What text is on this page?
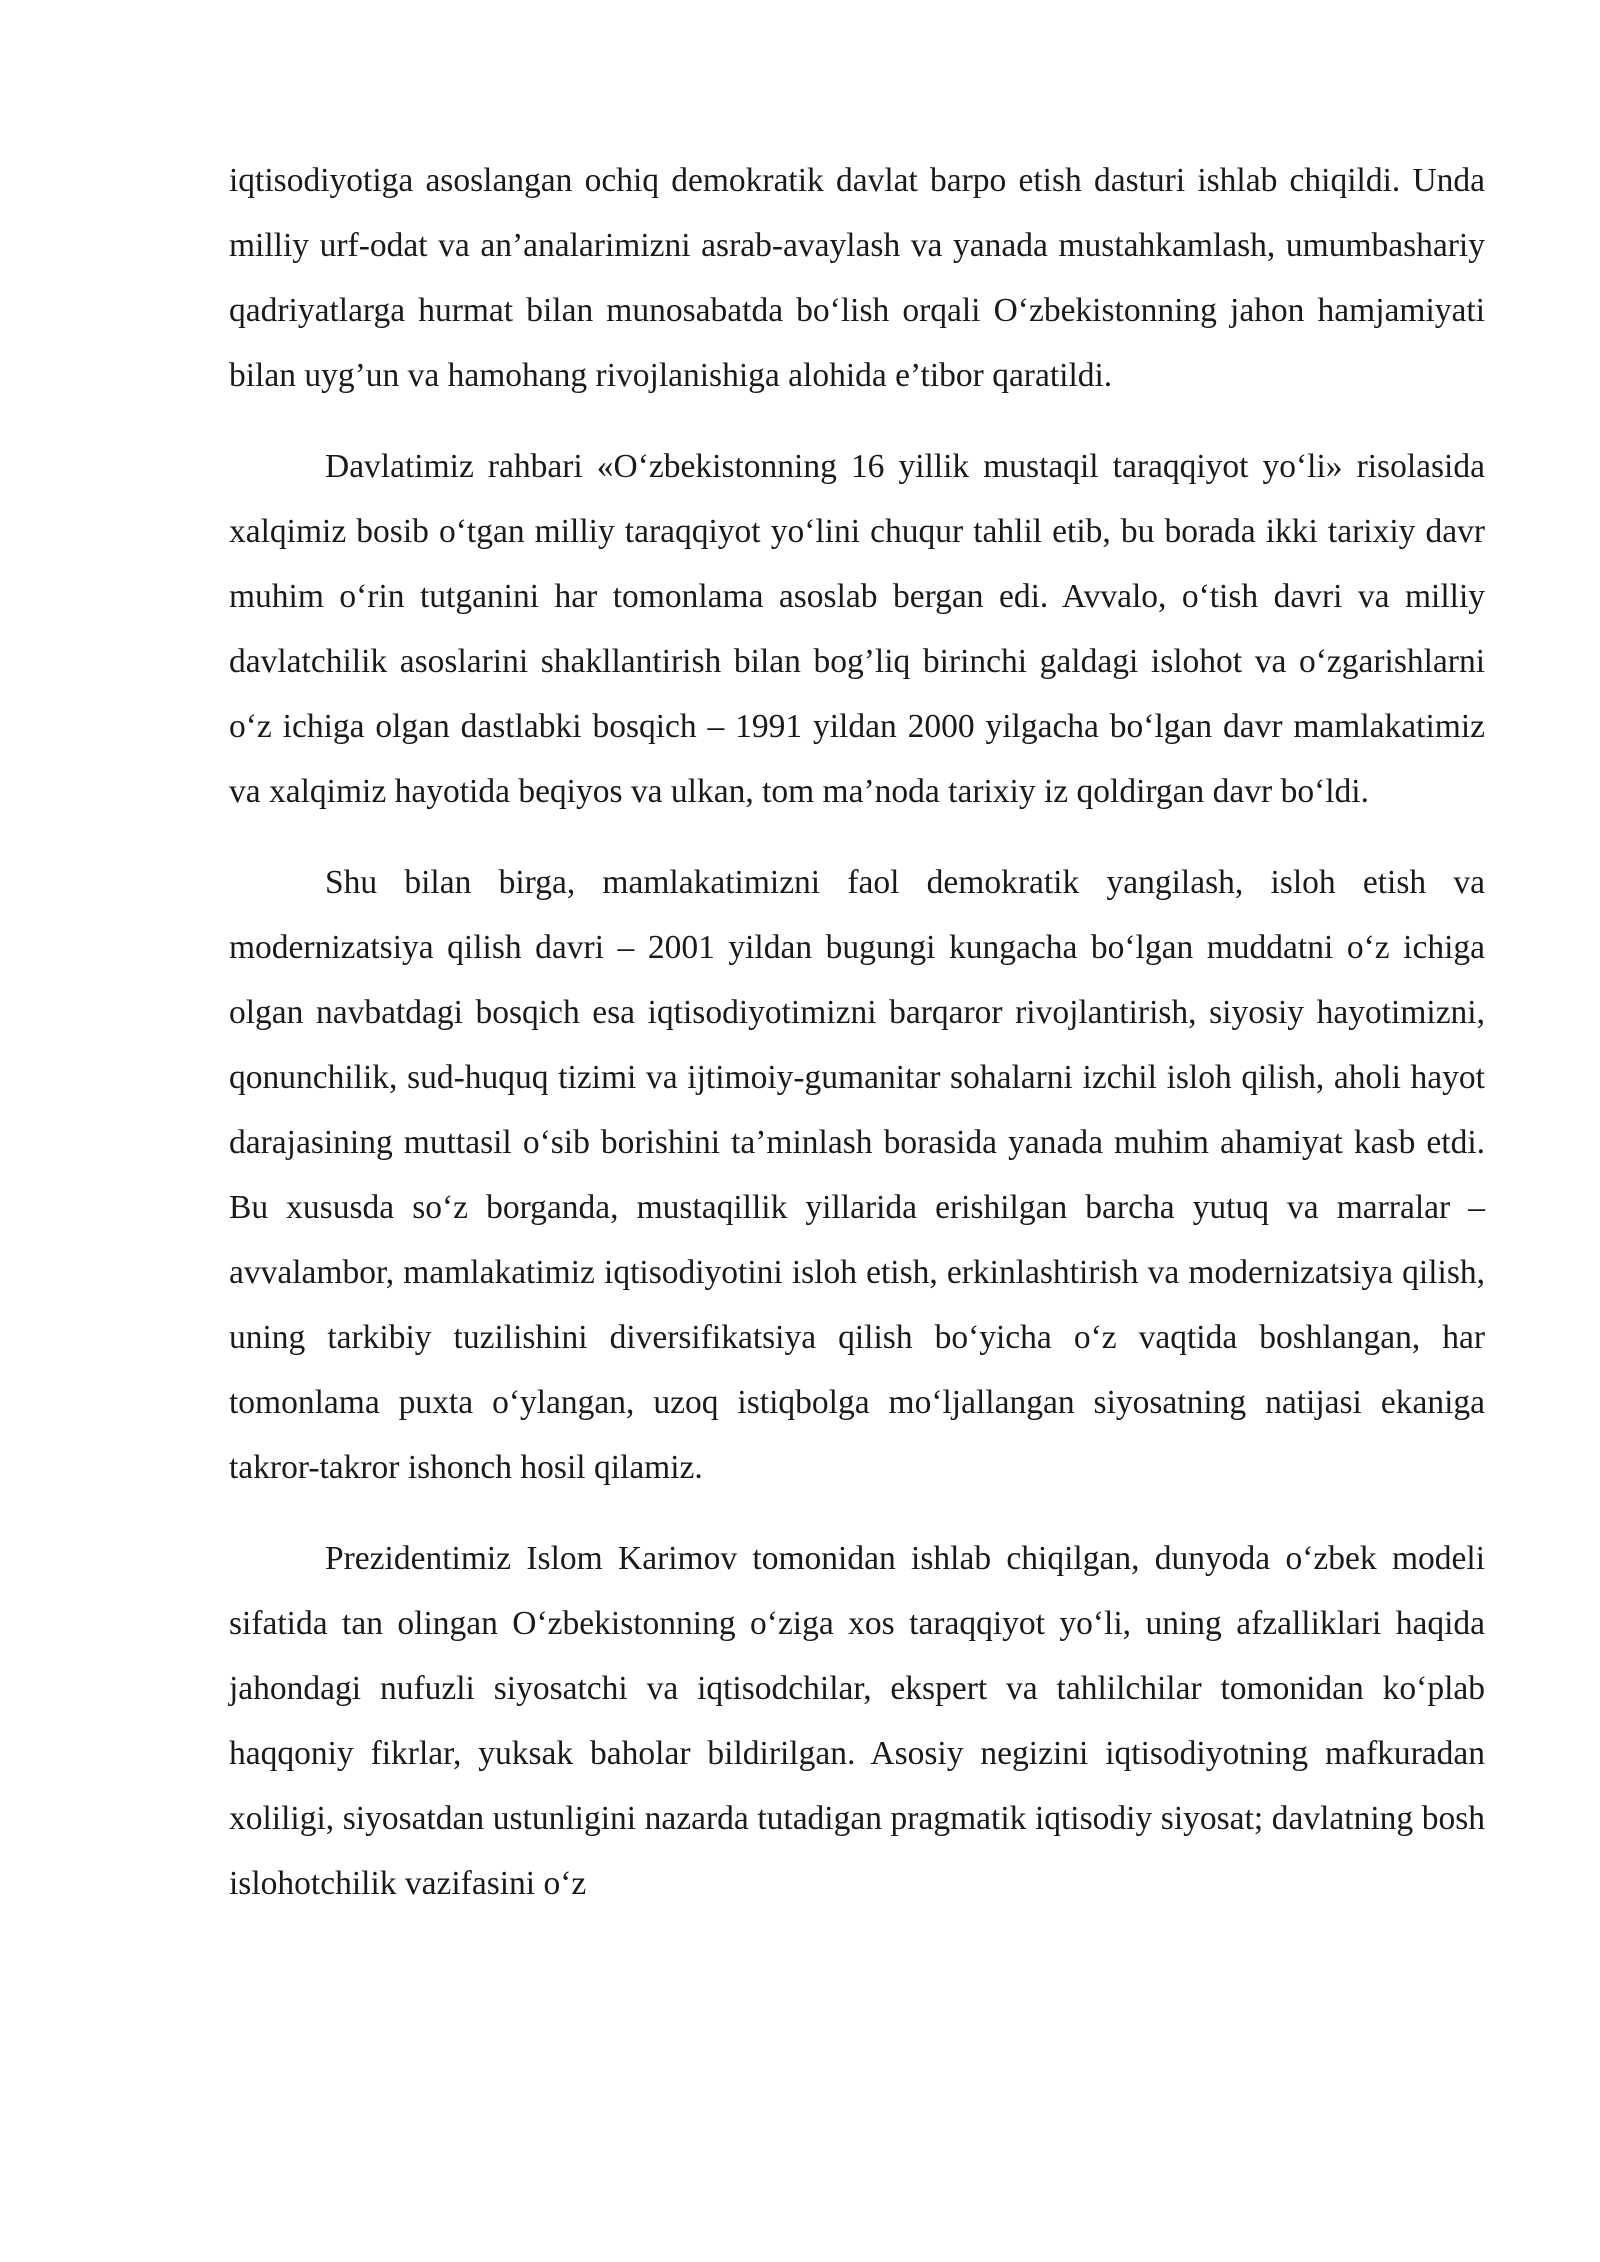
iqtisodiyotiga asoslangan ochiq demokratik davlat barpo etish dasturi ishlab chiqildi. Unda milliy urf-odat va an’analarimizni asrab-avaylash va yanada mustahkamlash, umumbashariy qadriyatlarga hurmat bilan munosabatda bo‘lish orqali O‘zbekistonning jahon hamjamiyati bilan uyg’un va hamohang rivojlanishiga alohida e’tibor qaratildi.

Davlatimiz rahbari «O‘zbekistonning 16 yillik mustaqil taraqqiyot yo‘li» risolasida xalqimiz bosib o‘tgan milliy taraqqiyot yo‘lini chuqur tahlil etib, bu borada ikki tarixiy davr muhim o‘rin tutganini har tomonlama asoslab bergan edi. Avvalo, o‘tish davri va milliy davlatchilik asoslarini shakllantirish bilan bog’liq birinchi galdagi islohot va o‘zgarishlarni o‘z ichiga olgan dastlabki bosqich – 1991 yildan 2000 yilgacha bo‘lgan davr mamlakatimiz va xalqimiz hayotida beqiyos va ulkan, tom ma’noda tarixiy iz qoldirgan davr bo‘ldi.

Shu bilan birga, mamlakatimizni faol demokratik yangilash, isloh etish va modernizatsiya qilish davri – 2001 yildan bugungi kungacha bo‘lgan muddatni o‘z ichiga olgan navbatdagi bosqich esa iqtisodiyotimizni barqaror rivojlantirish, siyosiy hayotimizni, qonunchilik, sud-huquq tizimi va ijtimoiy-gumanitar sohalarni izchil isloh qilish, aholi hayot darajasining muttasil o‘sib borishini ta’minlash borasida yanada muhim ahamiyat kasb etdi. Bu xususda so‘z borganda, mustaqillik yillarida erishilgan barcha yutuq va marralar – avvalambor, mamlakatimiz iqtisodiyotini isloh etish, erkinlashtirish va modernizatsiya qilish, uning tarkibiy tuzilishini diversifikatsiya qilish bo‘yicha o‘z vaqtida boshlangan, har tomonlama puxta o‘ylangan, uzoq istiqbolga mo‘ljallangan siyosatning natijasi ekaniga takror-takror ishonch hosil qilamiz.

Prezidentimiz Islom Karimov tomonidan ishlab chiqilgan, dunyoda o‘zbek modeli sifatida tan olingan O‘zbekistonning o‘ziga xos taraqqiyot yo‘li, uning afzalliklari haqida jahondagi nufuzli siyosatchi va iqtisodchilar, ekspert va tahlilchilar tomonidan ko‘plab haqqoniy fikrlar, yuksak baholar bildirilgan. Asosiy negizini iqtisodiyotning mafkuradan xoliligi, siyosatdan ustunligini nazarda tutadigan pragmatik iqtisodiy siyosat; davlatning bosh islohotchilik vazifasini o‘z
